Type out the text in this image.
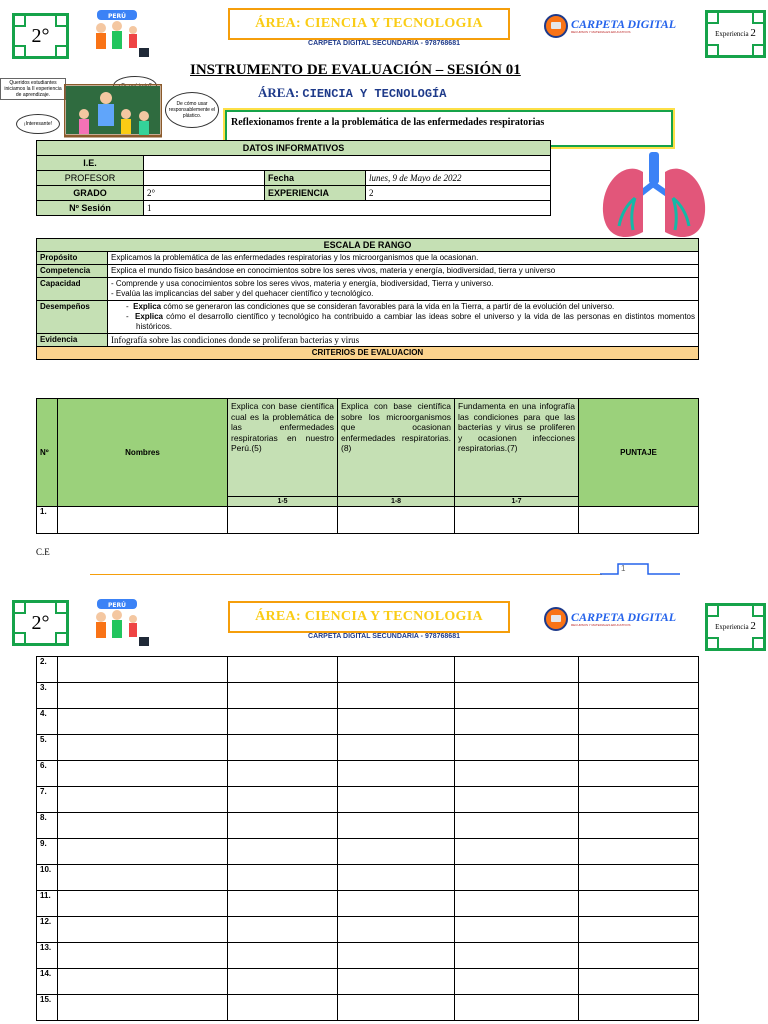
2°
PERÚ	ÁREA: CIENCIA Y TECNOLOGIA
CARPETA DIGITAL SECUNDARIA - 978768681
CARPETA DIGITAL
RECURSOS Y MATERIALES EDUCATIVOS	Experiencia 2
INSTRUMENTO DE EVALUACIÓN – SESIÓN 01
ÁREA: CIENCIA Y TECNOLOGÍA
Queridos estudiantes iniciamos la II experiencia de aprendizaje.
De cómo usar responsablemente el plástico.
¡Interesante!	Reflexionamos frente a la problemática de las enfermedades respiratorias
DATOS INFORMATIVOS			
I.E.			
PROFESOR		Fecha	lunes, 9 de Mayo de 2022
GRADO	2°	EXPERIENCIA	2
Nº Sesión	1		
ESCALA DE RANGO	
Propósito	Explicamos la problemática de las enfermedades respiratorias y los microorganismos que la ocasionan.
Competencia	Explica el mundo físico basándose en conocimientos sobre los seres vivos, materia y energía, biodiversidad, tierra y universo
Capacidad	- Comprende y usa conocimientos sobre los seres vivos, materia y energía, biodiversidad, Tierra y universo.
- Evalúa las implicancias del saber y del quehacer científico y tecnológico.

Desempeños	-  Explica cómo se generaron las condiciones que se consideran favorables para la vida en la Tierra, a partir de la evolución del universo.
-  Explica cómo el desarrollo científico y tecnológico ha contribuido a cambiar las ideas sobre el universo y la vida de las personas en distintos momentos históricos.

Evidencia	Infografía sobre las condiciones donde se proliferan bacterias y virus
CRITERIOS DE EVALUACION	
Nº	Nombres	Explica con base científica cual es la problemática de las enfermedades respiratorias en nuestro Perú.(5)	Explica con base científica sobre los microorganismos que ocasionan enfermedades respiratorias. (8)	Fundamenta en una infografía las condiciones para que las bacterias y virus se proliferen y ocasionen infecciones respiratorias.(7)	PUNTAJE
		1-5	1-8	1-7	
1.					
C.E
1
2°
PERÚ
ÁREA: CIENCIA Y TECNOLOGIA
CARPETA DIGITAL SECUNDARIA - 978768681
CARPETA DIGITAL
RECURSOS Y MATERIALES EDUCATIVOS	Experiencia 2
2.					
3.					
4.					
5.					
6.					
7.					
8.					
9.					
10.					
11.					
12.					
13.					
14.					
15.					
